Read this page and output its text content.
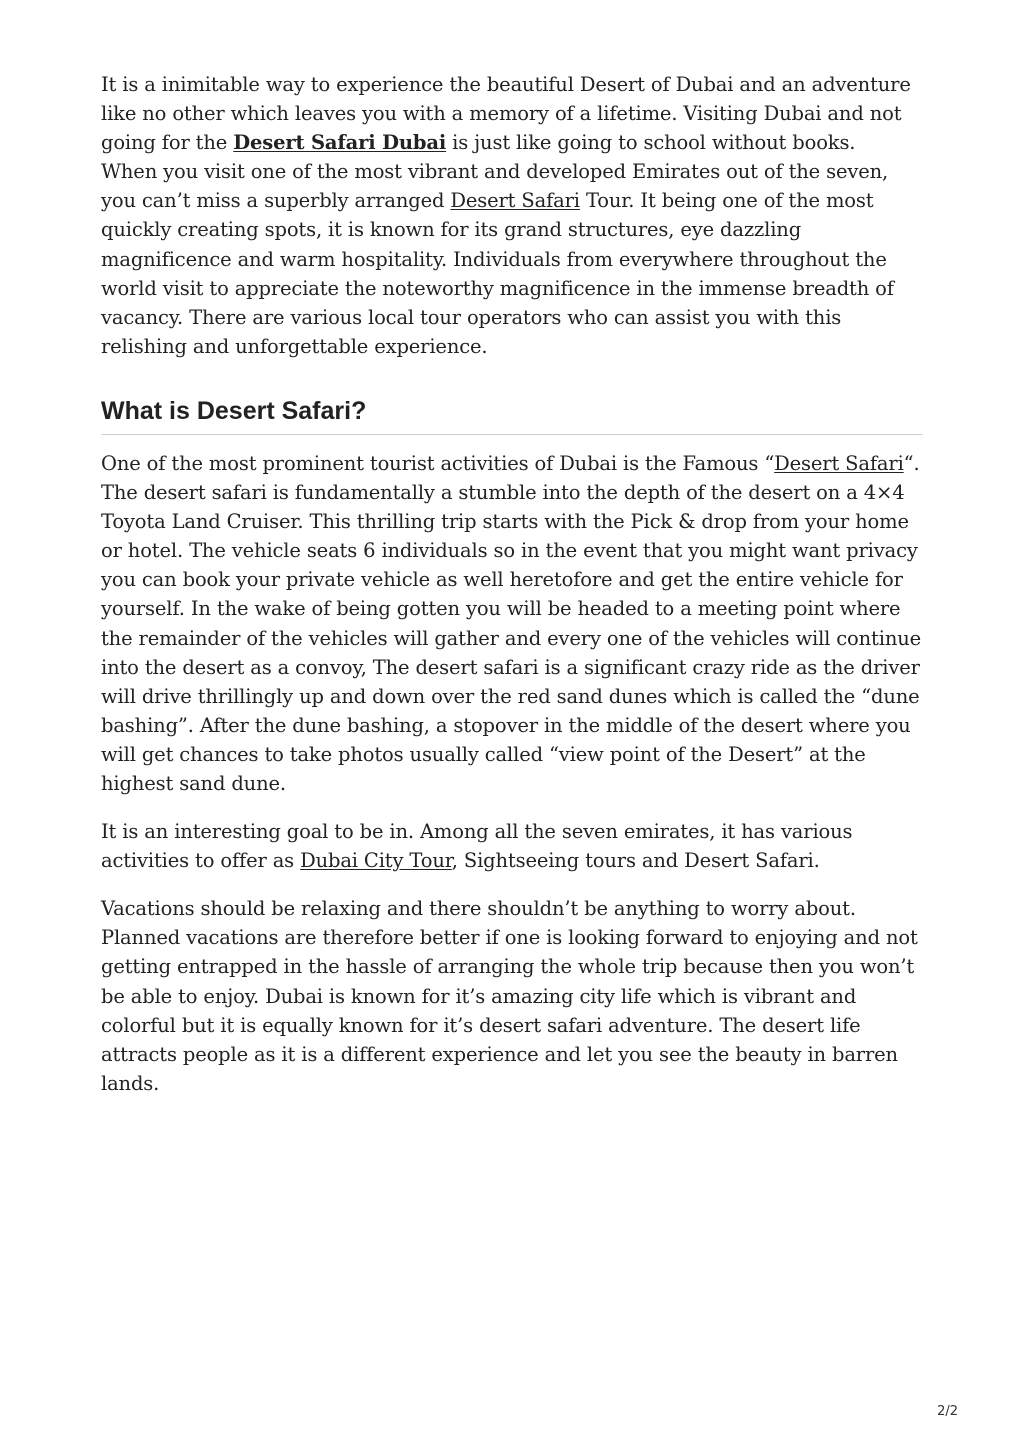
It is a inimitable way to experience the beautiful Desert of Dubai and an adventure like no other which leaves you with a memory of a lifetime. Visiting Dubai and not going for the Desert Safari Dubai is just like going to school without books.

When you visit one of the most vibrant and developed Emirates out of the seven, you can’t miss a superbly arranged Desert Safari Tour. It being one of the most quickly creating spots, it is known for its grand structures, eye dazzling magnificence and warm hospitality. Individuals from everywhere throughout the world visit to appreciate the noteworthy magnificence in the immense breadth of vacancy. There are various local tour operators who can assist you with this relishing and unforgettable experience.

What is Desert Safari?

One of the most prominent tourist activities of Dubai is the Famous “Desert Safari“. The desert safari is fundamentally a stumble into the depth of the desert on a 4×4 Toyota Land Cruiser. This thrilling trip starts with the Pick & drop from your home or hotel. The vehicle seats 6 individuals so in the event that you might want privacy you can book your private vehicle as well heretofore and get the entire vehicle for yourself. In the wake of being gotten you will be headed to a meeting point where the remainder of the vehicles will gather and every one of the vehicles will continue into the desert as a convoy, The desert safari is a significant crazy ride as the driver will drive thrillingly up and down over the red sand dunes which is called the “dune bashing”. After the dune bashing, a stopover in the middle of the desert where you will get chances to take photos usually called “view point of the Desert” at the highest sand dune.

It is an interesting goal to be in. Among all the seven emirates, it has various activities to offer as Dubai City Tour, Sightseeing tours and Desert Safari.

Vacations should be relaxing and there shouldn’t be anything to worry about. Planned vacations are therefore better if one is looking forward to enjoying and not getting entrapped in the hassle of arranging the whole trip because then you won’t be able to enjoy. Dubai is known for it’s amazing city life which is vibrant and colorful but it is equally known for it’s desert safari adventure. The desert life attracts people as it is a different experience and let you see the beauty in barren lands.

2/2
